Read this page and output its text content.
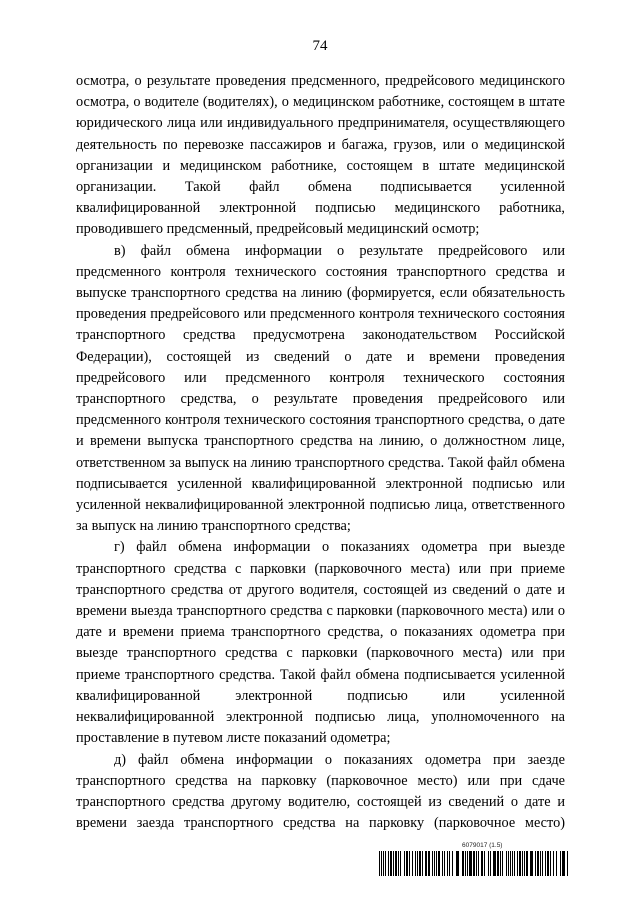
74

осмотра, о результате проведения предсменного, предрейсового медицинского осмотра, о водителе (водителях), о медицинском работнике, состоящем в штате юридического лица или индивидуального предпринимателя, осуществляющего деятельность по перевозке пассажиров и багажа, грузов, или о медицинской организации и медицинском работнике, состоящем в штате медицинской организации. Такой файл обмена подписывается усиленной квалифицированной электронной подписью медицинского работника, проводившего предсменный, предрейсовый медицинский осмотр;

в) файл обмена информации о результате предрейсового или предсменного контроля технического состояния транспортного средства и выпуске транспортного средства на линию (формируется, если обязательность проведения предрейсового или предсменного контроля технического состояния транспортного средства предусмотрена законодательством Российской Федерации), состоящей из сведений о дате и времени проведения предрейсового или предсменного контроля технического состояния транспортного средства, о результате проведения предрейсового или предсменного контроля технического состояния транспортного средства, о дате и времени выпуска транспортного средства на линию, о должностном лице, ответственном за выпуск на линию транспортного средства. Такой файл обмена подписывается усиленной квалифицированной электронной подписью или усиленной неквалифицированной электронной подписью лица, ответственного за выпуск на линию транспортного средства;

г) файл обмена информации о показаниях одометра при выезде транспортного средства с парковки (парковочного места) или при приеме транспортного средства от другого водителя, состоящей из сведений о дате и времени выезда транспортного средства с парковки (парковочного места) или о дате и времени приема транспортного средства, о показаниях одометра при выезде транспортного средства с парковки (парковочного места) или при приеме транспортного средства. Такой файл обмена подписывается усиленной квалифицированной электронной подписью или усиленной неквалифицированной электронной подписью лица, уполномоченного на проставление в путевом листе показаний одометра;

д) файл обмена информации о показаниях одометра при заезде транспортного средства на парковку (парковочное место) или при сдаче транспортного средства другому водителю, состоящей из сведений о дате и времени заезда транспортного средства на парковку (парковочное место)

6079017 (1.5)
